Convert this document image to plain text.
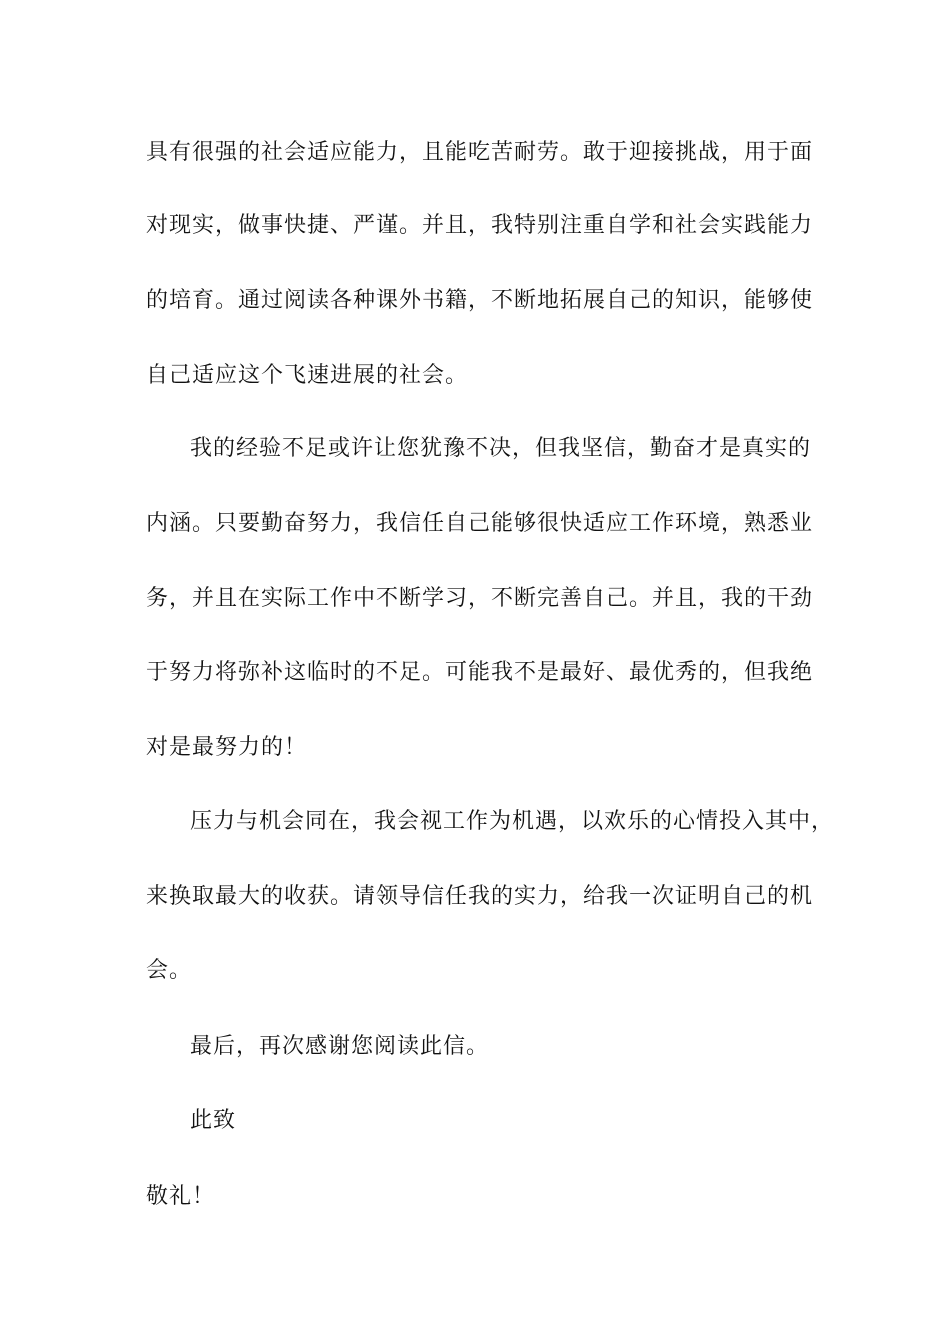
具有很强的社会适应能力，且能吃苦耐劳。敢于迎接挑战，用于面
对现实，做事快捷、严谨。并且，我特别注重自学和社会实践能力
的培育。通过阅读各种课外书籍，不断地拓展自己的知识，能够使
自己适应这个飞速进展的社会。
我的经验不足或许让您犹豫不决，但我坚信，勤奋才是真实的
内涵。只要勤奋努力，我信任自己能够很快适应工作环境，熟悉业
务，并且在实际工作中不断学习，不断完善自己。并且，我的干劲
于努力将弥补这临时的不足。可能我不是最好、最优秀的，但我绝
对是最努力的！
压力与机会同在，我会视工作为机遇，以欢乐的心情投入其中，
来换取最大的收获。请领导信任我的实力，给我一次证明自己的机
会。
最后，再次感谢您阅读此信。
此致
敬礼！
